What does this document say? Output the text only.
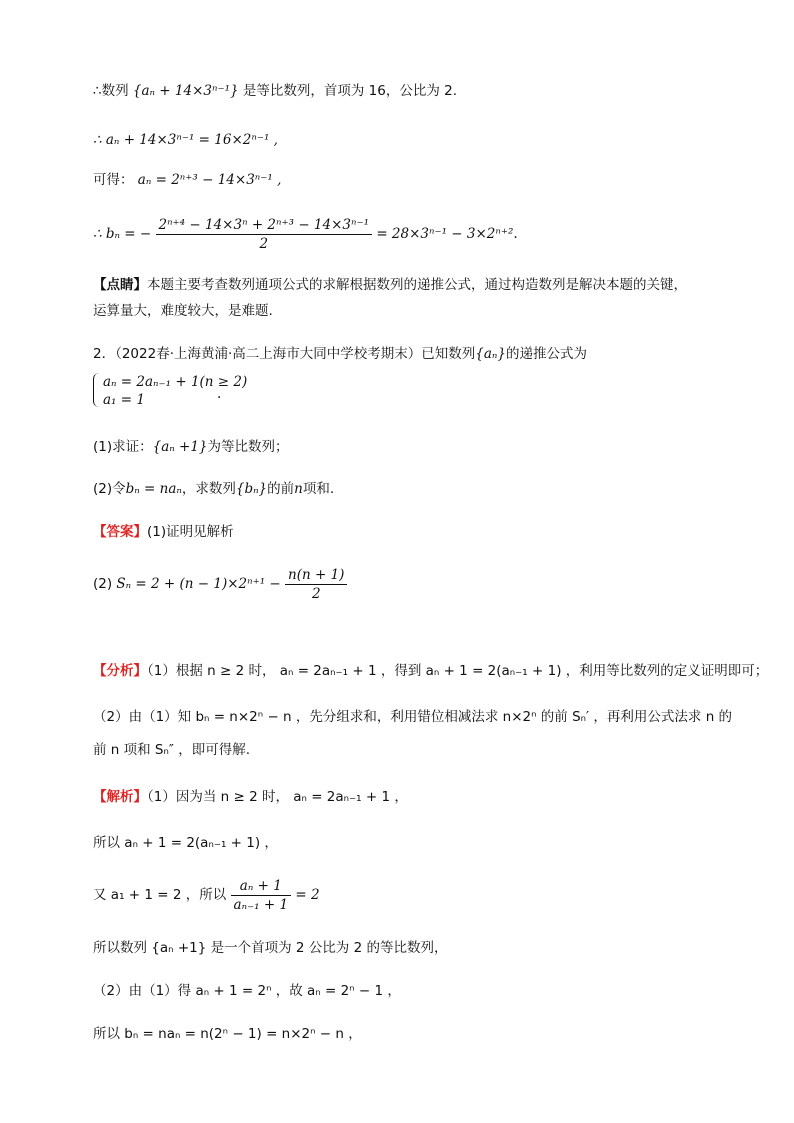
∴数列 {aₙ + 14×3ⁿ⁻¹} 是等比数列，首项为 16，公比为 2.
∴ aₙ + 14×3ⁿ⁻¹ = 16×2ⁿ⁻¹ ,
可得： aₙ = 2ⁿ⁺³ − 14×3ⁿ⁻¹ ,
∴ bₙ = − $\frac{\text{2ⁿ⁺⁴ − 14×3ⁿ + 2ⁿ⁺³ − 14×3ⁿ⁻¹}}{2} = 28\times 3^{n-1} - 3\times 2^{n+2}$.
【点睛】本题主要考查数列通项公式的求解根据数列的递推公式，通过构造数列是解决本题的关键，
运算量大，难度较大，是难题.
2．（2022春·上海黄浦·高二上海市大同中学校考期末）已知数列{aₙ}的递推公式为
aₙ = 2aₙ₋₁ + 1(n ≥ 2)
a₁ = 1	.
(1)求证：{aₙ +1}为等比数列；
(2)令bₙ = naₙ，求数列{bₙ}的前n项和.
【答案】(1)证明见解析
(2) $S_n = 2 + (n - 1)\times 2^{n+1} - \frac{n(n + 1)}{2}$
【分析】（1）根据 n ≥ 2 时， aₙ = 2aₙ₋₁ + 1 ，得到 aₙ + 1 = 2(aₙ₋₁ + 1) ，利用等比数列的定义证明即可；
（2）由（1）知 bₙ = n×2ⁿ − n ，先分组求和，利用错位相减法求 n×2ⁿ 的前 Sₙ′ ，再利用公式法求 n 的
前 n 项和 Sₙ″ ，即可得解.
【解析】（1）因为当 n ≥ 2 时， aₙ = 2aₙ₋₁ + 1 ，
所以 aₙ + 1 = 2(aₙ₋₁ + 1) ，
又 a₁ + 1 = 2 ，所以 $\frac{\text{aₙ + 1}}{\text{aₙ₋₁ + 1}} = 2$
所以数列 {aₙ +1} 是一个首项为 2 公比为 2 的等比数列，
（2）由（1）得 aₙ + 1 = 2ⁿ ，故 aₙ = 2ⁿ − 1 ，
所以 bₙ = naₙ = n(2ⁿ − 1) = n×2ⁿ − n ，
